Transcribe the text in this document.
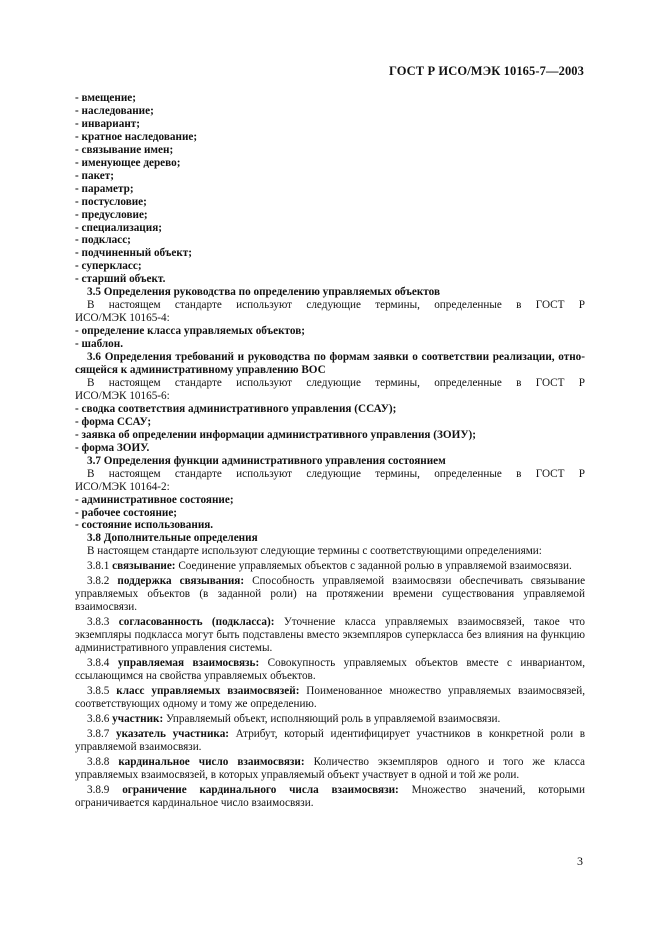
ГОСТ Р ИСО/МЭК 10165-7—2003

- вмещение;

- наследование;

- инвариант;

- кратное наследование;

- связывание имен;

- именующее дерево;

- пакет;

- параметр;

- постусловие;

- предусловие;

- специализация;

- подкласс;

- подчиненный объект;

- суперкласс;

- старший объект.

3.5 Определения руководства по определению управляемых объектов

В настоящем стандарте используют следующие термины, определенные в ГОСТ Р

ИСО/МЭК 10165-4:

- определение класса управляемых объектов;

- шаблон.

3.6 Определения требований и руководства по формам заявки о соответствии реализации, отно-

сящейся к административному управлению ВОС

В настоящем стандарте используют следующие термины, определенные в ГОСТ Р

ИСО/МЭК 10165-6:

- сводка соответствия административного управления (ССАУ);

- форма ССАУ;

- заявка об определении информации административного управления (ЗОИУ);

- форма ЗОИУ.

3.7 Определения функции административного управления состоянием

В настоящем стандарте используют следующие термины, определенные в ГОСТ Р

ИСО/МЭК 10164-2:

- административное состояние;

- рабочее состояние;

- состояние использования.

3.8 Дополнительные определения

В настоящем стандарте используют следующие термины с соответствующими определениями:

3.8.1 связывание: Соединение управляемых объектов с заданной ролью в управляемой взаимосвязи.

3.8.2 поддержка связывания: Способность управляемой взаимосвязи обеспечивать связывание управляемых объектов (в заданной роли) на протяжении времени существования управляемой взаимосвязи.

3.8.3 согласованность (подкласса): Уточнение класса управляемых взаимосвязей, такое что экземпляры подкласса могут быть подставлены вместо экземпляров суперкласса без влияния на функцию административного управления системы.

3.8.4 управляемая взаимосвязь: Совокупность управляемых объектов вместе с инвариантом, ссылающимся на свойства управляемых объектов.

3.8.5 класс управляемых взаимосвязей: Поименованное множество управляемых взаимосвязей, соответствующих одному и тому же определению.

3.8.6 участник: Управляемый объект, исполняющий роль в управляемой взаимосвязи.

3.8.7 указатель участника: Атрибут, который идентифицирует участников в конкретной роли в управляемой взаимосвязи.

3.8.8 кардинальное число взаимосвязи: Количество экземпляров одного и того же класса управляемых взаимосвязей, в которых управляемый объект участвует в одной и той же роли.

3.8.9 ограничение кардинального числа взаимосвязи: Множество значений, которыми ограничивается кардинальное число взаимосвязи.

3
